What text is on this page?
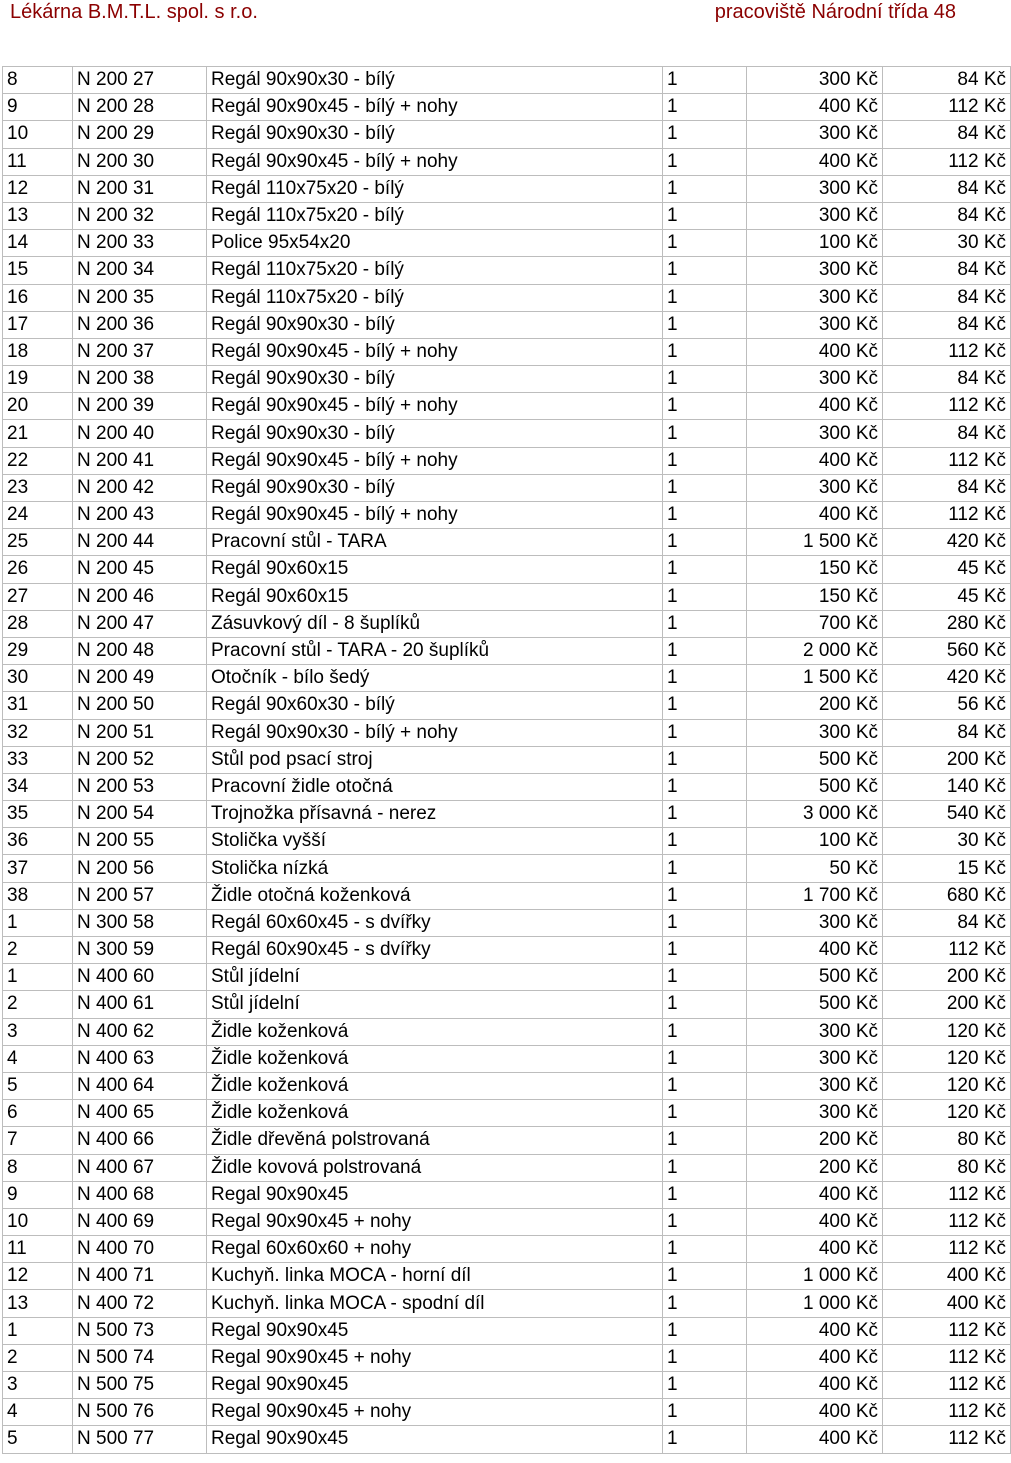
Lékárna B.M.T.L. spol. s r.o.	pracoviště Národní třída 48
8	N 200 27	Regál 90x90x30 - bílý	1	300 Kč	84 Kč
9	N 200 28	Regál 90x90x45 - bílý + nohy	1	400 Kč	112 Kč
10	N 200 29	Regál 90x90x30 - bílý	1	300 Kč	84 Kč
11	N 200 30	Regál 90x90x45 - bílý + nohy	1	400 Kč	112 Kč
12	N 200 31	Regál 110x75x20 - bílý	1	300 Kč	84 Kč
13	N 200 32	Regál 110x75x20 - bílý	1	300 Kč	84 Kč
14	N 200 33	Police 95x54x20	1	100 Kč	30 Kč
15	N 200 34	Regál 110x75x20 - bílý	1	300 Kč	84 Kč
16	N 200 35	Regál 110x75x20 - bílý	1	300 Kč	84 Kč
17	N 200 36	Regál 90x90x30 - bílý	1	300 Kč	84 Kč
18	N 200 37	Regál 90x90x45 - bílý + nohy	1	400 Kč	112 Kč
19	N 200 38	Regál 90x90x30 - bílý	1	300 Kč	84 Kč
20	N 200 39	Regál 90x90x45 - bílý + nohy	1	400 Kč	112 Kč
21	N 200 40	Regál 90x90x30 - bílý	1	300 Kč	84 Kč
22	N 200 41	Regál 90x90x45 - bílý + nohy	1	400 Kč	112 Kč
23	N 200 42	Regál 90x90x30 - bílý	1	300 Kč	84 Kč
24	N 200 43	Regál 90x90x45 - bílý + nohy	1	400 Kč	112 Kč
25	N 200 44	Pracovní stůl - TARA	1	1 500 Kč	420 Kč
26	N 200 45	Regál 90x60x15	1	150 Kč	45 Kč
27	N 200 46	Regál 90x60x15	1	150 Kč	45 Kč
28	N 200 47	Zásuvkový díl - 8 šuplíků	1	700 Kč	280 Kč
29	N 200 48	Pracovní stůl - TARA - 20 šuplíků	1	2 000 Kč	560 Kč
30	N 200 49	Otočník - bílo šedý	1	1 500 Kč	420 Kč
31	N 200 50	Regál 90x60x30 - bílý	1	200 Kč	56 Kč
32	N 200 51	Regál 90x90x30 - bílý + nohy	1	300 Kč	84 Kč
33	N 200 52	Stůl pod psací stroj	1	500 Kč	200 Kč
34	N 200 53	Pracovní židle otočná	1	500 Kč	140 Kč
35	N 200 54	Trojnožka přísavná - nerez	1	3 000 Kč	540 Kč
36	N 200 55	Stolička vyšší	1	100 Kč	30 Kč
37	N 200 56	Stolička nízká	1	50 Kč	15 Kč
38	N 200 57	Židle otočná koženková	1	1 700 Kč	680 Kč
1	N 300 58	Regál 60x60x45 - s dvířky	1	300 Kč	84 Kč
2	N 300 59	Regál 60x90x45 - s dvířky	1	400 Kč	112 Kč
1	N 400 60	Stůl jídelní	1	500 Kč	200 Kč
2	N 400 61	Stůl jídelní	1	500 Kč	200 Kč
3	N 400 62	Židle koženková	1	300 Kč	120 Kč
4	N 400 63	Židle koženková	1	300 Kč	120 Kč
5	N 400 64	Židle koženková	1	300 Kč	120 Kč
6	N 400 65	Židle koženková	1	300 Kč	120 Kč
7	N 400 66	Židle dřevěná polstrovaná	1	200 Kč	80 Kč
8	N 400 67	Židle kovová polstrovaná	1	200 Kč	80 Kč
9	N 400 68	Regal 90x90x45	1	400 Kč	112 Kč
10	N 400 69	Regal 90x90x45 + nohy	1	400 Kč	112 Kč
11	N 400 70	Regal 60x60x60 + nohy	1	400 Kč	112 Kč
12	N 400 71	Kuchyň. linka MOCA - horní díl	1	1 000 Kč	400 Kč
13	N 400 72	Kuchyň. linka MOCA - spodní díl	1	1 000 Kč	400 Kč
1	N 500 73	Regal 90x90x45	1	400 Kč	112 Kč
2	N 500 74	Regal 90x90x45 + nohy	1	400 Kč	112 Kč
3	N 500 75	Regal 90x90x45	1	400 Kč	112 Kč
4	N 500 76	Regal 90x90x45 + nohy	1	400 Kč	112 Kč
5	N 500 77	Regal 90x90x45	1	400 Kč	112 Kč
